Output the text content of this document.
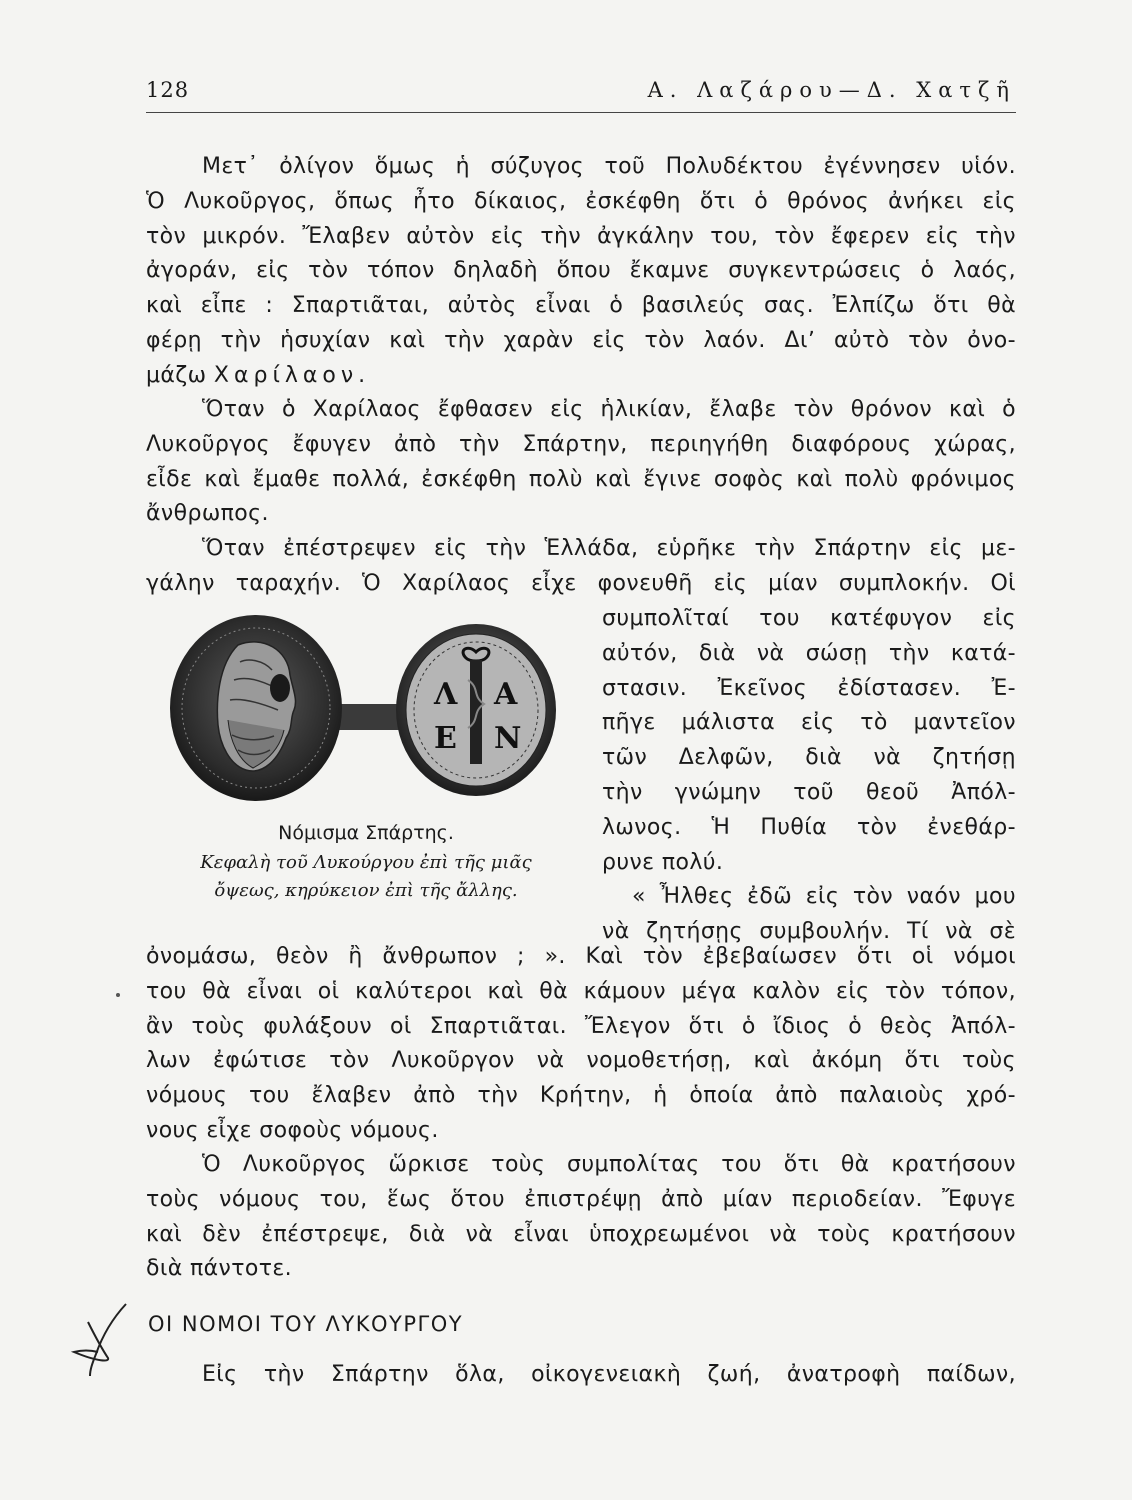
128	Α. Λαζάρου—Δ. Χατζῆ
Μετ᾽ ὀλίγον ὅμως ἡ σύζυγος τοῦ Πολυδέκτου ἐγέννησεν υἱόν.
Ὁ Λυκοῦργος, ὅπως ἦτο δίκαιος, ἐσκέφθη ὅτι ὁ θρόνος ἀνήκει εἰς
τὸν μικρόν. Ἔλαβεν αὐτὸν εἰς τὴν ἀγκάλην του, τὸν ἔφερεν εἰς τὴν
ἀγοράν, εἰς τὸν τόπον δηλαδὴ ὅπου ἔκαμνε συγκεντρώσεις ὁ λαός,
καὶ εἶπε : Σπαρτιᾶται, αὐτὸς εἶναι ὁ βασιλεύς σας. Ἐλπίζω ὅτι θὰ
φέρῃ τὴν ἡσυχίαν καὶ τὴν χαρὰν εἰς τὸν λαόν. Διʼ αὐτὸ τὸν ὀνο-
μάζω Χαρίλαον.
Ὅταν ὁ Χαρίλαος ἔφθασεν εἰς ἡλικίαν, ἔλαβε τὸν θρόνον καὶ ὁ
Λυκοῦργος ἔφυγεν ἀπὸ τὴν Σπάρτην, περιηγήθη διαφόρους χώρας,
εἶδε καὶ ἔμαθε πολλά, ἐσκέφθη πολὺ καὶ ἔγινε σοφὸς καὶ πολὺ φρόνιμος
ἄνθρωπος.
Ὅταν ἐπέστρεψεν εἰς τὴν Ἑλλάδα, εὑρῆκε τὴν Σπάρτην εἰς με-
γάλην ταραχήν. Ὁ Χαρίλαος εἶχε φονευθῆ εἰς μίαν συμπλοκήν. Οἱ
συμπολῖταί του κατέφυγον εἰς
αὐτόν, διὰ νὰ σώσῃ τὴν κατά-
στασιν. Ἐκεῖνος ἐδίστασεν. Ἐ-
πῆγε μάλιστα εἰς τὸ μαντεῖον
τῶν Δελφῶν, διὰ νὰ ζητήσῃ
τὴν γνώμην τοῦ θεοῦ Ἀπόλ-
λωνος. Ἡ Πυθία τὸν ἐνεθάρ-
ρυνε πολύ.
« Ἦλθες ἐδῶ εἰς τὸν ναόν μου
νὰ ζητήσῃς συμβουλήν. Τί νὰ σὲ
Λ Α
Ε Ν
Νόμισμα Σπάρτης.
Κεφαλὴ τοῦ Λυκούργου ἐπὶ τῆς μιᾶς
ὄψεως, κηρύκειον ἐπὶ τῆς ἄλλης.
ὀνομάσω, θεὸν ἢ ἄνθρωπον ; ». Καὶ τὸν ἐβεβαίωσεν ὅτι οἱ νόμοι
του θὰ εἶναι οἱ καλύτεροι καὶ θὰ κάμουν μέγα καλὸν εἰς τὸν τόπον,
ἂν τοὺς φυλάξουν οἱ Σπαρτιᾶται. Ἔλεγον ὅτι ὁ ἴδιος ὁ θεὸς Ἀπόλ-
λων ἐφώτισε τὸν Λυκοῦργον νὰ νομοθετήσῃ, καὶ ἀκόμη ὅτι τοὺς
νόμους του ἔλαβεν ἀπὸ τὴν Κρήτην, ἡ ὁποία ἀπὸ παλαιοὺς χρό-
νους εἶχε σοφοὺς νόμους.
Ὁ Λυκοῦργος ὥρκισε τοὺς συμπολίτας του ὅτι θὰ κρατήσουν
τοὺς νόμους του, ἕως ὅτου ἐπιστρέψῃ ἀπὸ μίαν περιοδείαν. Ἔφυγε
καὶ δὲν ἐπέστρεψε, διὰ νὰ εἶναι ὑποχρεωμένοι νὰ τοὺς κρατήσουν
διὰ πάντοτε.
ΟΙ ΝΟΜΟΙ ΤΟΥ ΛΥΚΟΥΡΓΟΥ
Εἰς τὴν Σπάρτην ὅλα, οἰκογενειακὴ ζωή, ἀνατροφὴ παίδων,
